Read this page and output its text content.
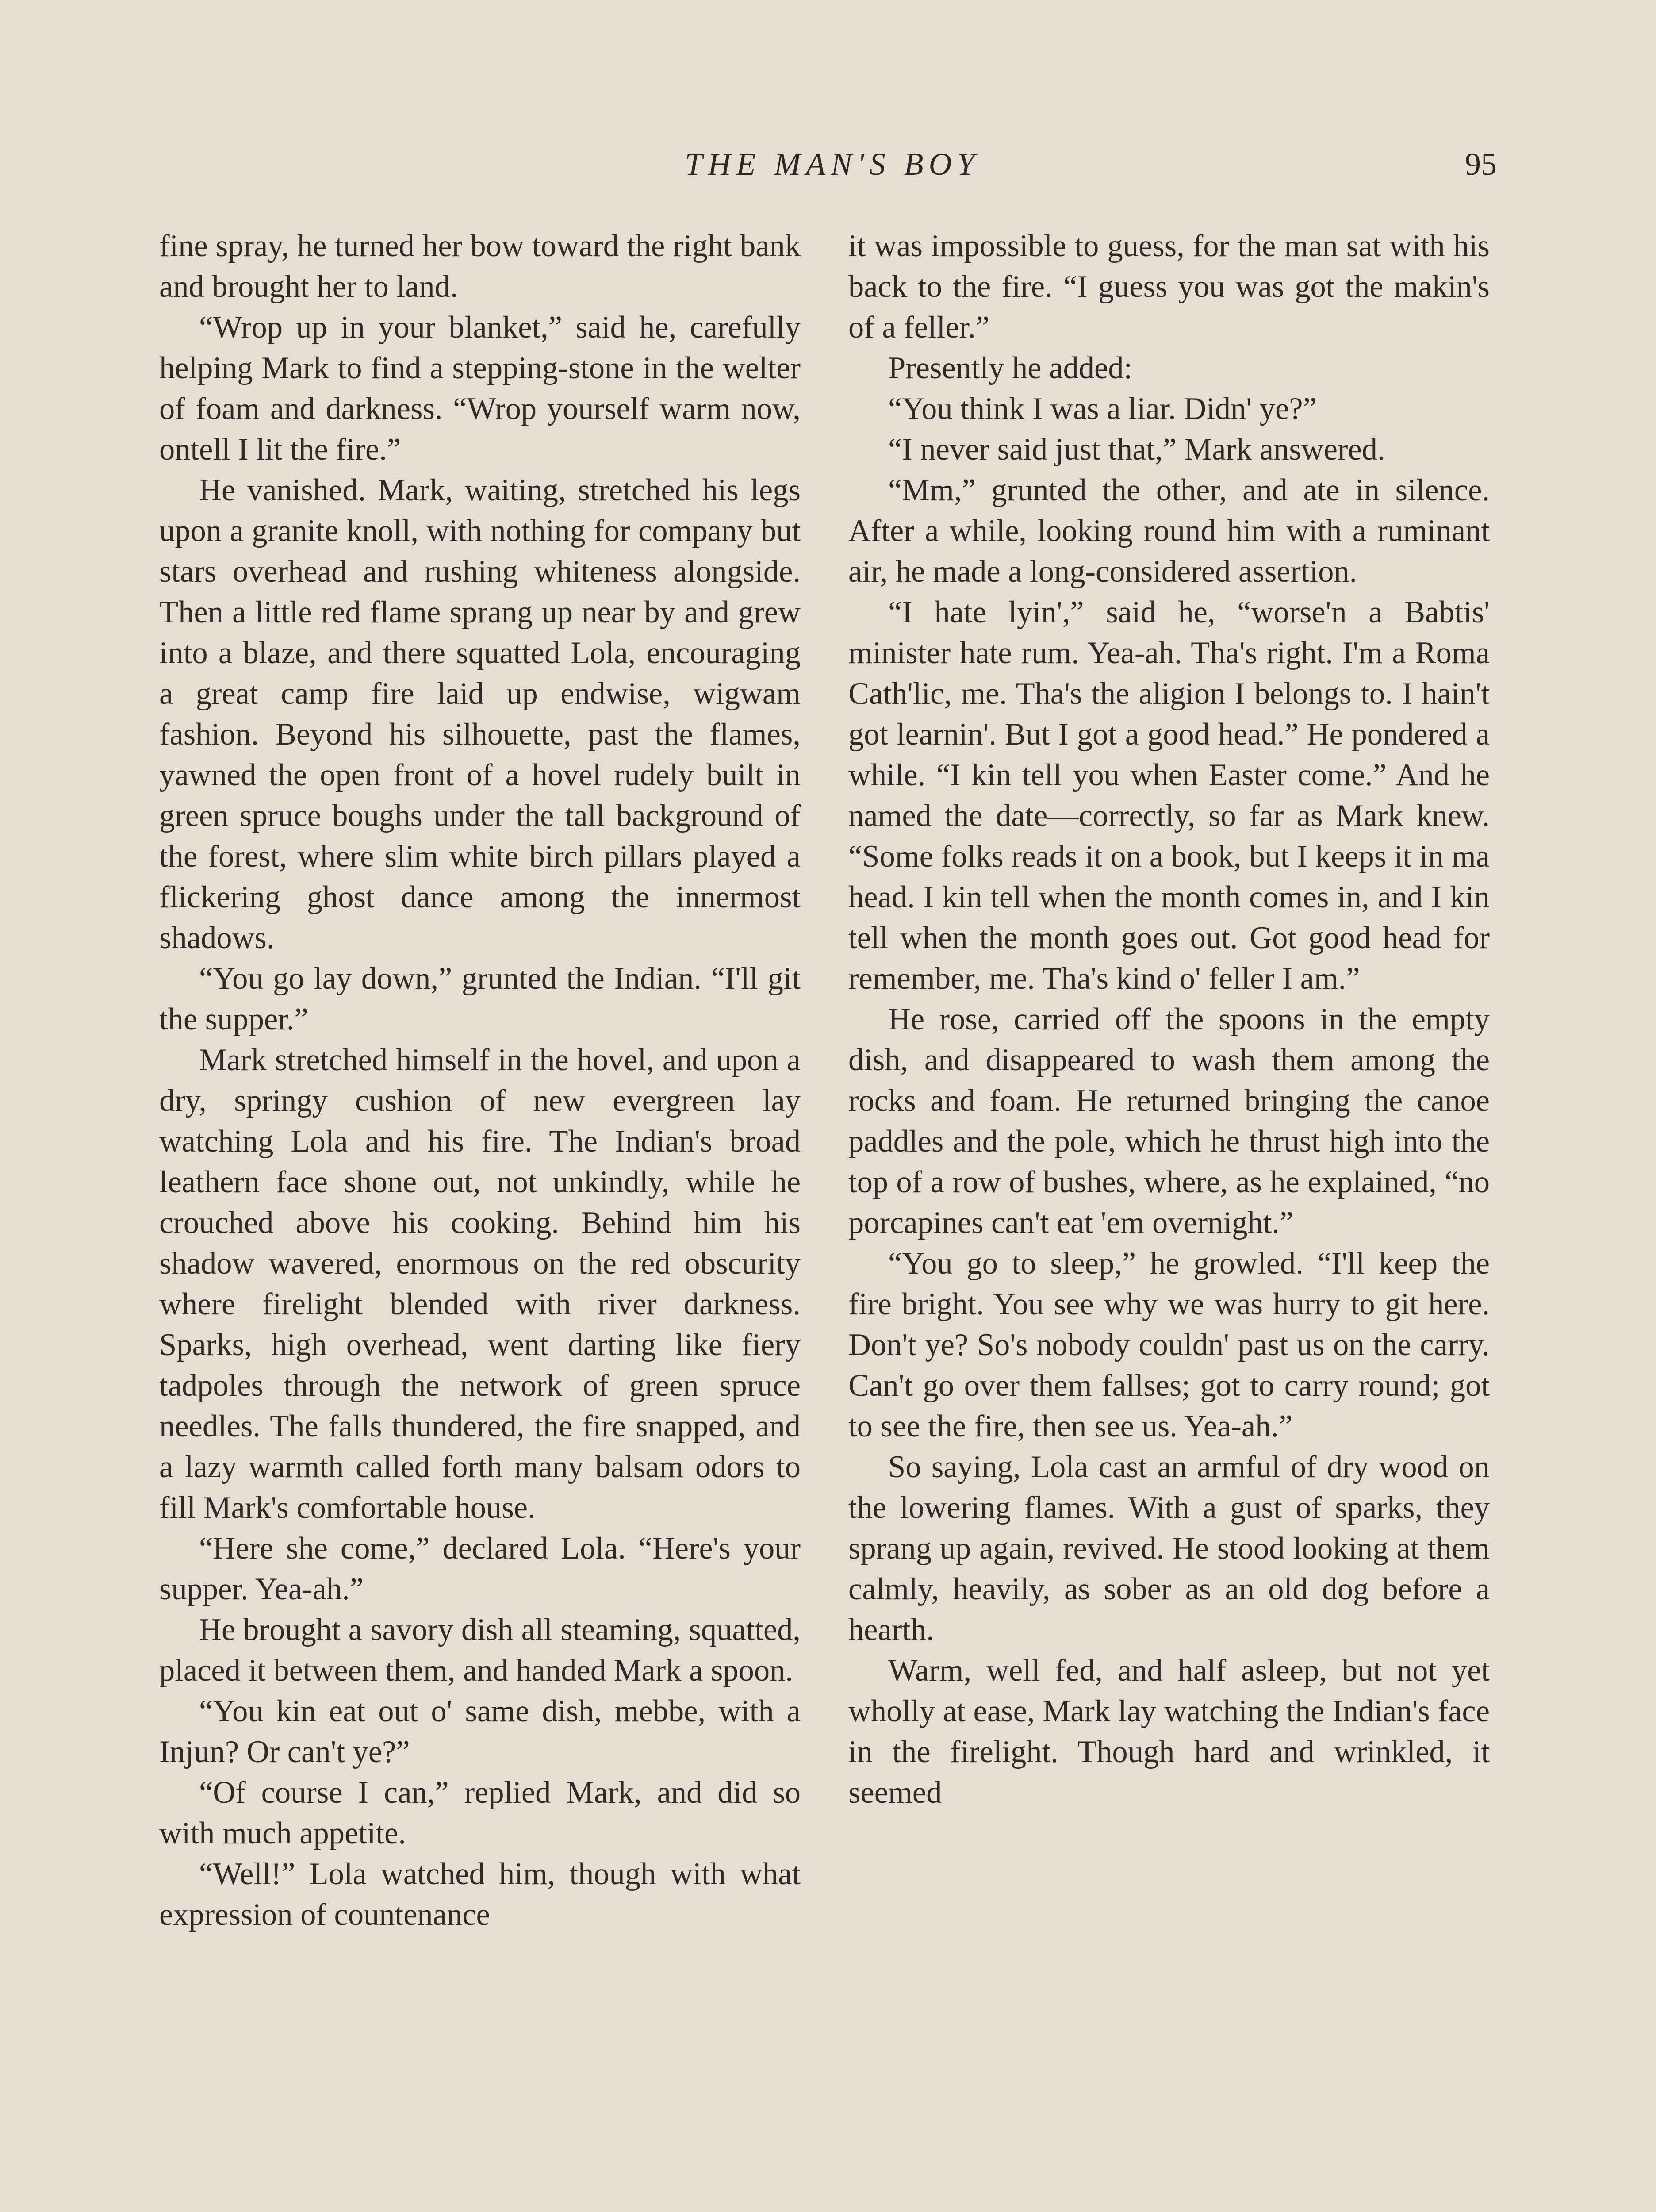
THE MAN'S BOY	95

fine spray, he turned her bow toward the right bank and brought her to land.

“Wrop up in your blanket,” said he, carefully helping Mark to find a stepping-stone in the welter of foam and darkness. “Wrop yourself warm now, ontell I lit the fire.”

He vanished. Mark, waiting, stretched his legs upon a granite knoll, with nothing for company but stars overhead and rushing whiteness alongside. Then a little red flame sprang up near by and grew into a blaze, and there squatted Lola, encouraging a great camp fire laid up endwise, wigwam fashion. Beyond his silhouette, past the flames, yawned the open front of a hovel rudely built in green spruce boughs under the tall background of the forest, where slim white birch pillars played a flickering ghost dance among the innermost shadows.

“You go lay down,” grunted the Indian. “I'll git the supper.”

Mark stretched himself in the hovel, and upon a dry, springy cushion of new evergreen lay watching Lola and his fire. The Indian's broad leathern face shone out, not unkindly, while he crouched above his cooking. Behind him his shadow wavered, enormous on the red obscurity where firelight blended with river darkness. Sparks, high overhead, went darting like fiery tadpoles through the network of green spruce needles. The falls thundered, the fire snapped, and a lazy warmth called forth many balsam odors to fill Mark's comfortable house.

“Here she come,” declared Lola. “Here's your supper. Yea-ah.”

He brought a savory dish all steaming, squatted, placed it between them, and handed Mark a spoon.

“You kin eat out o' same dish, mebbe, with a Injun? Or can't ye?”

“Of course I can,” replied Mark, and did so with much appetite.

“Well!” Lola watched him, though with what expression of countenance

it was impossible to guess, for the man sat with his back to the fire. “I guess you was got the makin's of a feller.”

Presently he added:

“You think I was a liar. Didn' ye?”

“I never said just that,” Mark answered.

“Mm,” grunted the other, and ate in silence. After a while, looking round him with a ruminant air, he made a long-considered assertion.

“I hate lyin',” said he, “worse'n a Babtis' minister hate rum. Yea-ah. Tha's right. I'm a Roma Cath'lic, me. Tha's the aligion I belongs to. I hain't got learnin'. But I got a good head.” He pondered a while. “I kin tell you when Easter come.” And he named the date—correctly, so far as Mark knew. “Some folks reads it on a book, but I keeps it in ma head. I kin tell when the month comes in, and I kin tell when the month goes out. Got good head for remember, me. Tha's kind o' feller I am.”

He rose, carried off the spoons in the empty dish, and disappeared to wash them among the rocks and foam. He returned bringing the canoe paddles and the pole, which he thrust high into the top of a row of bushes, where, as he explained, “no porcapines can't eat 'em overnight.”

“You go to sleep,” he growled. “I'll keep the fire bright. You see why we was hurry to git here. Don't ye? So's nobody couldn' past us on the carry. Can't go over them fallses; got to carry round; got to see the fire, then see us. Yea-ah.”

So saying, Lola cast an armful of dry wood on the lowering flames. With a gust of sparks, they sprang up again, revived. He stood looking at them calmly, heavily, as sober as an old dog before a hearth.

Warm, well fed, and half asleep, but not yet wholly at ease, Mark lay watching the Indian's face in the firelight. Though hard and wrinkled, it seemed
